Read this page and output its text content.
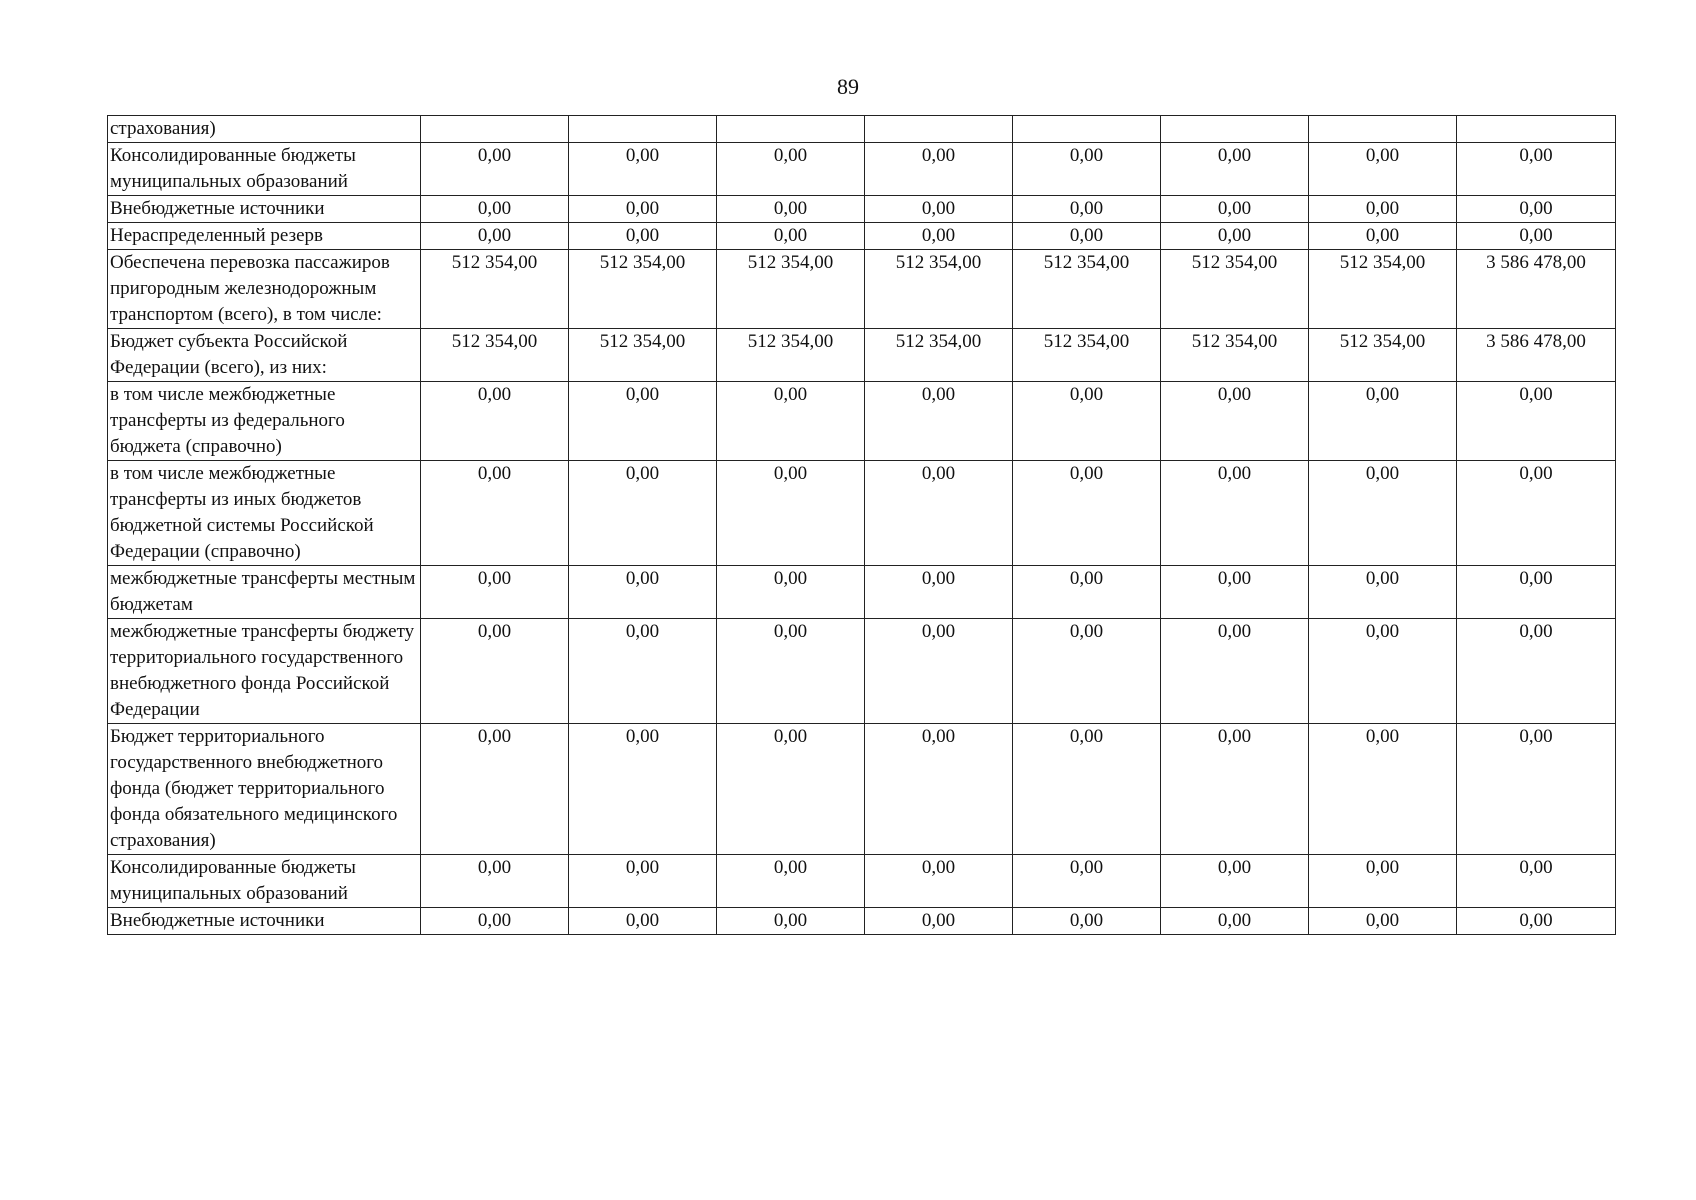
89
страхования)								
Консолидированные бюджеты муниципальных образований	0,00	0,00	0,00	0,00	0,00	0,00	0,00	0,00
Внебюджетные источники	0,00	0,00	0,00	0,00	0,00	0,00	0,00	0,00
Нераспределенный резерв	0,00	0,00	0,00	0,00	0,00	0,00	0,00	0,00
Обеспечена перевозка пассажиров пригородным железнодорожным транспортом (всего), в том числе:	512 354,00	512 354,00	512 354,00	512 354,00	512 354,00	512 354,00	512 354,00	3 586 478,00
Бюджет субъекта Российской Федерации (всего), из них:	512 354,00	512 354,00	512 354,00	512 354,00	512 354,00	512 354,00	512 354,00	3 586 478,00
в том числе межбюджетные трансферты из федерального бюджета (справочно)	0,00	0,00	0,00	0,00	0,00	0,00	0,00	0,00
в том числе межбюджетные трансферты из иных бюджетов бюджетной системы Российской Федерации (справочно)	0,00	0,00	0,00	0,00	0,00	0,00	0,00	0,00
межбюджетные трансферты местным бюджетам	0,00	0,00	0,00	0,00	0,00	0,00	0,00	0,00
межбюджетные трансферты бюджету территориального государственного внебюджетного фонда Российской Федерации	0,00	0,00	0,00	0,00	0,00	0,00	0,00	0,00
Бюджет территориального государственного внебюджетного фонда (бюджет территориального фонда обязательного медицинского страхования)	0,00	0,00	0,00	0,00	0,00	0,00	0,00	0,00
Консолидированные бюджеты муниципальных образований	0,00	0,00	0,00	0,00	0,00	0,00	0,00	0,00
Внебюджетные источники	0,00	0,00	0,00	0,00	0,00	0,00	0,00	0,00
